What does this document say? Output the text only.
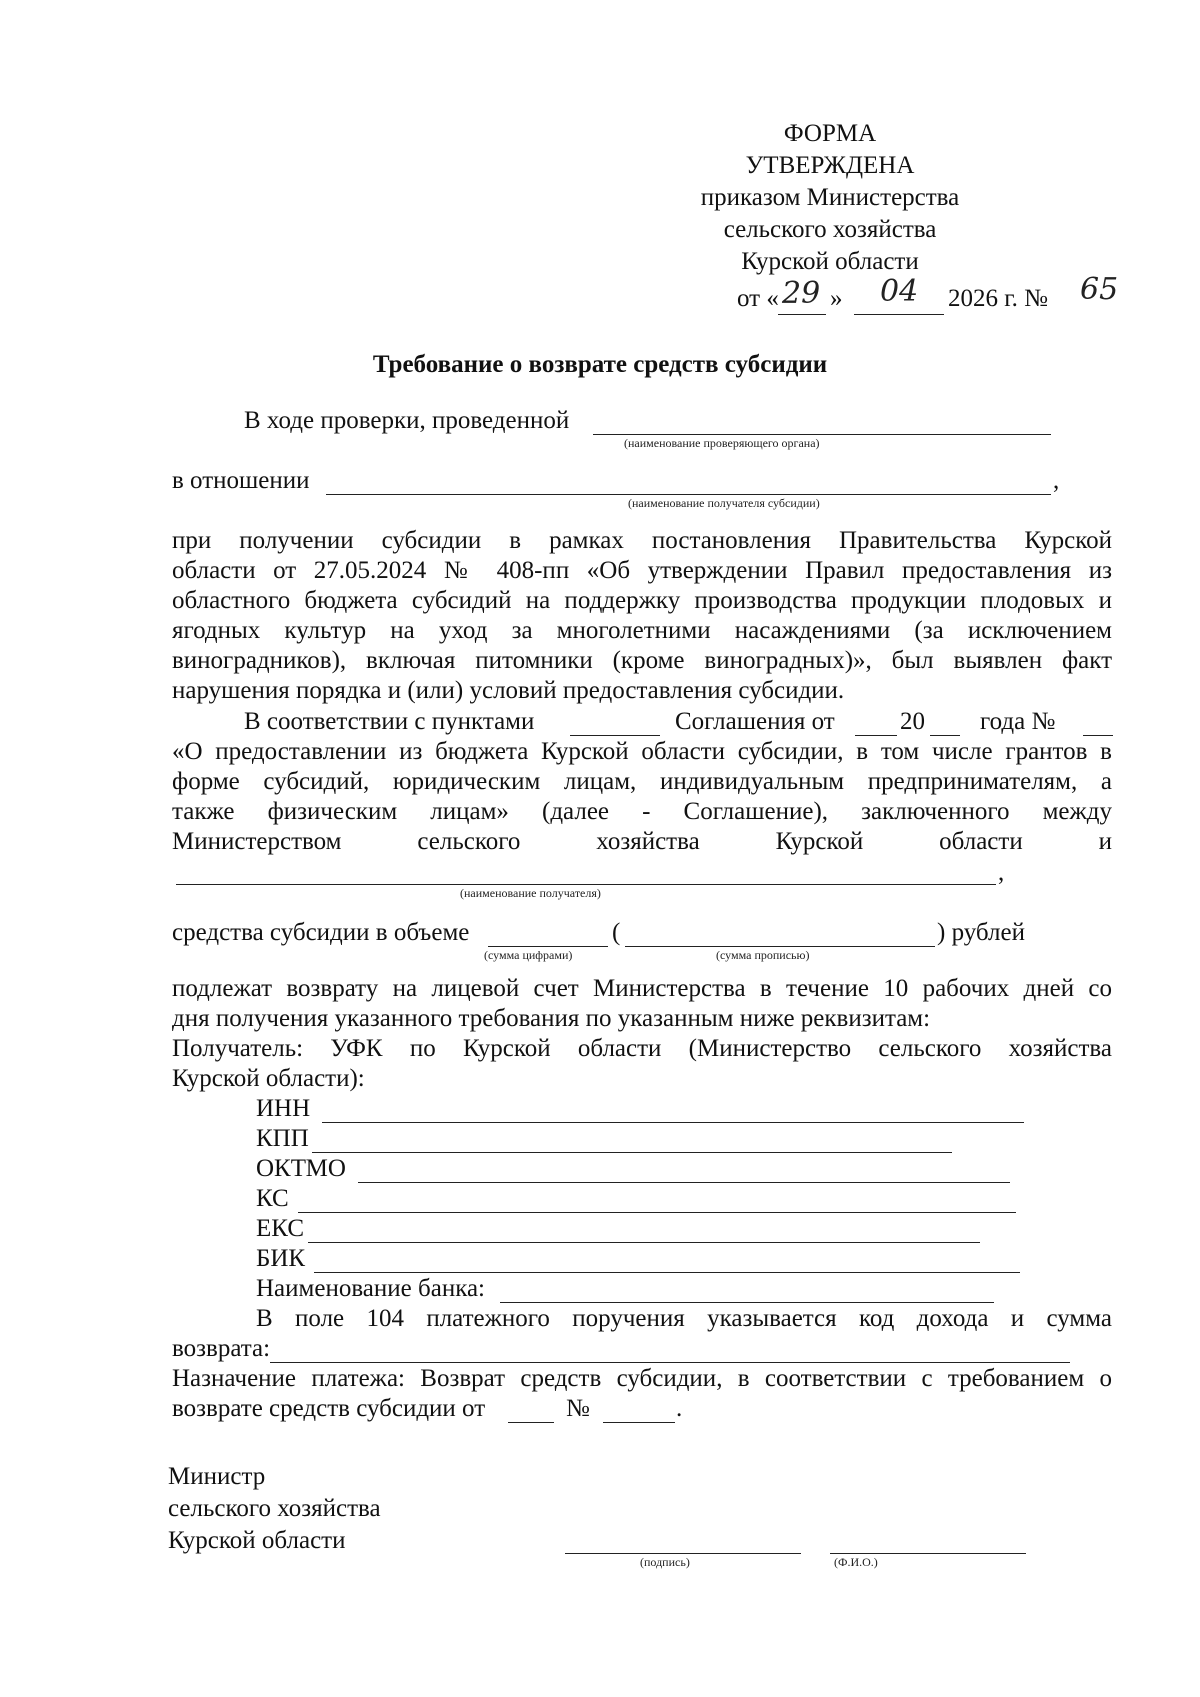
ФОРМА
УТВЕРЖДЕНА
приказом Министерства
сельского хозяйства
Курской области
от « 29 » 04 2026 г. № 65
Требование о возврате средств субсидии
В ходе проверки, проведенной
(наименование проверяющего органа)
в отношении	,
(наименование получателя субсидии)
при получении субсидии в рамках постановления Правительства Курской
области от 27.05.2024 № 408-пп «Об утверждении Правил предоставления из
областного бюджета субсидий на поддержку производства продукции плодовых и
ягодных культур на уход за многолетними насаждениями (за исключением
виноградников), включая питомники (кроме виноградных)», был выявлен факт
нарушения порядка и (или) условий предоставления субсидии.
В соответствии с пунктами	Соглашения от	20 года №
«О предоставлении из бюджета Курской области субсидии, в том числе грантов в
форме субсидий, юридическим лицам, индивидуальным предпринимателям, а
также физическим лицам» (далее - Соглашение), заключенного между
Министерством сельского хозяйства Курской области и
,
(наименование получателя)
средства субсидии в объеме	(	) рублей
(сумма цифрами)	(сумма прописью)
подлежат возврату на лицевой счет Министерства в течение 10 рабочих дней со
дня получения указанного требования по указанным ниже реквизитам:
Получатель: УФК по Курской области (Министерство сельского хозяйства
Курской области):
ИНН
КПП
ОКТМО
КС
ЕКС
БИК
Наименование банка:
В поле 104 платежного поручения указывается код дохода и сумма
возврата:
Назначение платежа: Возврат средств субсидии, в соответствии с требованием о
возврате средств субсидии от	№	.
Министр
сельского хозяйства
Курской области
(подпись)	(Ф.И.О.)
